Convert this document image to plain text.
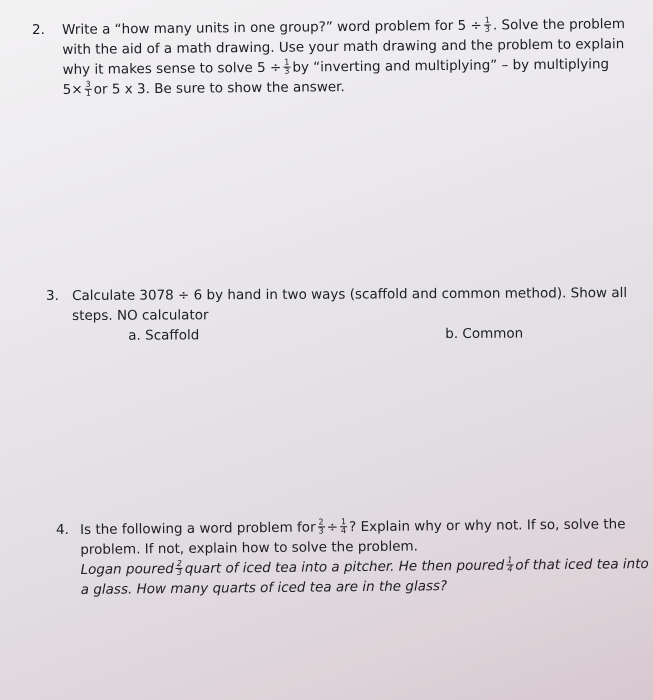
2. Write a “how many units in one group?” word problem for $5 \div \frac{1}{3}$ . Solve the problem
with the aid of a math drawing. Use your math drawing and the problem to explain
why it makes sense to solve $5 \div \frac{1}{3}$ by “inverting and multiplying” – by multiplying
$5\times \frac{3}{1}$ or 5 x 3. Be sure to show the answer.
3. Calculate 3078 ÷ 6 by hand in two ways (scaffold and common method). Show all
steps. NO calculator
a. Scaffold	b. Common
4. Is the following a word problem for $\frac{2}{3} \div \frac{1}{4}$ ? Explain why or why not. If so, solve the
problem. If not, explain how to solve the problem.
Logan poured $\frac{2}{3}$ quart of iced tea into a pitcher. He then poured $\frac{1}{4}$ of that iced tea into
a glass. How many quarts of iced tea are in the glass?
